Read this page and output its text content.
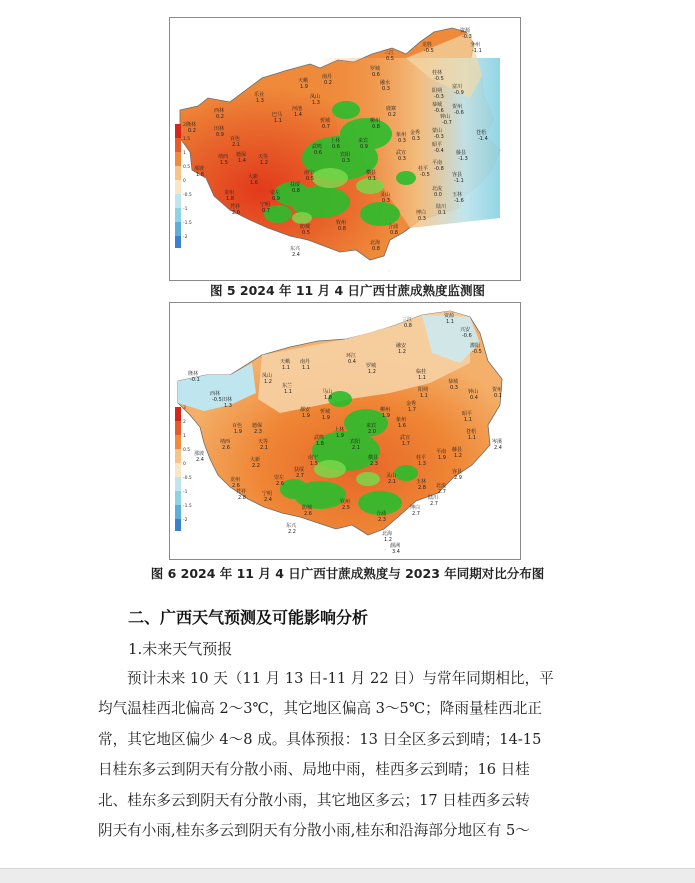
2
1.5
1
0.5
0
-0.5
-1
-1.5
-2
资源
-0.3
全州
-1.1
南丹
0.2
天峨
1.9
凤山
1.3
西林
0.2
隆林
0.2	田林
0.9
乐业
1.3
巴马
1.1
河池
1.4
罗城
0.6
融水
0.3
三江
0.5
龙胜
-0.5
桂林
-0.5
阳朔
-0.3
恭城
-0.6
富川
-0.9
贺州
-0.6
钟山
-0.7
蒙山
-0.3
昭平
-0.4
苍梧
-1.4
藤县
-1.3
平南
-0.8
桂平
-0.5	容县
-1.1
北流
0.0 玉林
-1.6
陆川
0.1
博白
0.3
百色
2.1
靖西
1.5
德保
1.4
那坡
1.8
天等
1.2
大新
1.6
龙州
1.8
凭祥
2.0
宁明
0.7
崇左
0.9
扶绥
0.8
南宁
0.5
宾阳
0.3
上林
0.6
武鸣
0.6
横县
0.1
灵山
0.3
钦州
0.8
防城
0.5
合浦
0.8
北海
0.8
东兴
2.4
柳州
0.8
来宾
0.9
象州
0.3
武宣
0.3
鹿寨
0.2
金秀
0.3
忻城
0.7
◦
图 5 2024 年 11 月 4 日广西甘蔗成熟度监测图
3
2
1
0.5
0
-0.5
-1
-1.5
-2
三江
0.8
资源
1.1
兴安
-0.6
灌阳
-0.5
天峨
1.1
南丹
1.1
隆林
-0.1
西林
-0.5 田林
1.3
凤山
1.2
东兰
1.1
环江
0.4
罗城
1.2
融安
1.2
临桂
1.1
阳朔
1.1
恭城
0.3
钟山
0.4
贺州
0.1
昭平
1.1
苍梧
1.1
藤县
1.2
岑溪
2.4
平南
1.9
桂平
1.3
容县
2.9
北流
2.7
玉林
2.8
陆川
2.7
博白
2.7
百色
1.9
德保
2.3
靖西
2.6
那坡
2.4
天等
2.1
大新
2.2
龙州
2.6
凭祥
2.8
宁明
2.4
崇左
2.6
扶绥
2.7
南宁
1.5
武鸣
1.8
上林
1.9
宾阳
2.1
横县
2.3
灵山
2.1
钦州
2.5
防城
2.6
东兴
2.2
合浦
2.3
北海
1.2
柳州
1.9
来宾
2.0
象州
1.6
武宣
1.7
金秀
1.7
忻城
1.9
都安
1.9
马山
1.8
涠洲
3.4
◦
图 6 2024 年 11 月 4 日广西甘蔗成熟度与 2023 年同期对比分布图
二、广西天气预测及可能影响分析
1.未来天气预报
预计未来 10 天（11 月 13 日-11 月 22 日）与常年同期相比，平
均气温桂西北偏高 2～3℃，其它地区偏高 3～5℃；降雨量桂西北正
常，其它地区偏少 4～8 成。具体预报：13 日全区多云到晴；14-15
日桂东多云到阴天有分散小雨、局地中雨，桂西多云到晴；16 日桂
北、桂东多云到阴天有分散小雨，其它地区多云；17 日桂西多云转
阴天有小雨,桂东多云到阴天有分散小雨,桂东和沿海部分地区有 5～
